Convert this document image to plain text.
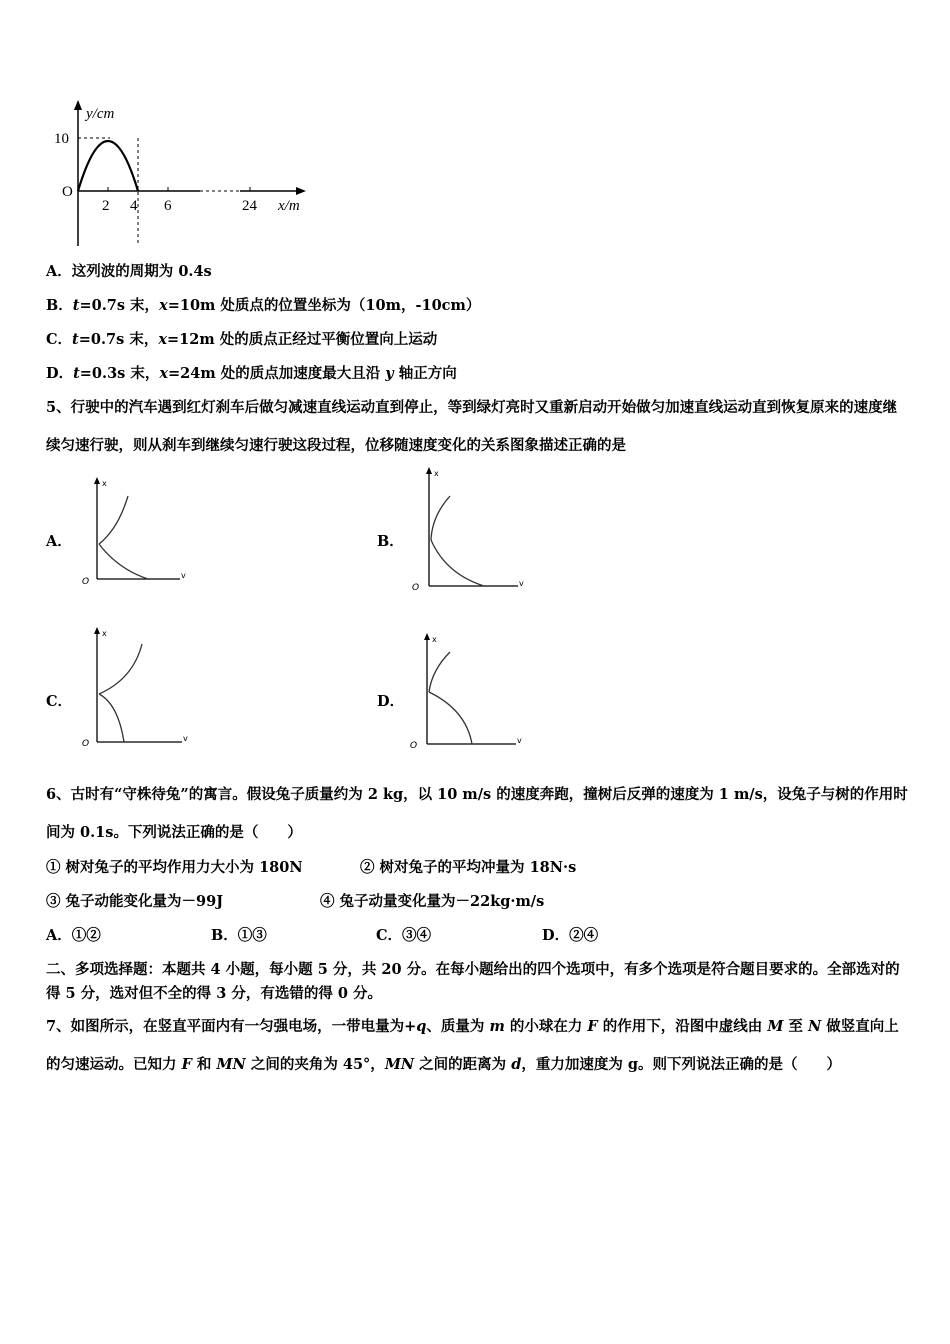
y/cm
10
O
2 4 6	24 x/m
A．这列波的周期为 0.4s
B．t=0.7s 末，x=10m 处质点的位置坐标为（10m，-10cm）
C．t=0.7s 末，x=12m 处的质点正经过平衡位置向上运动
D．t=0.3s 末，x=24m 处的质点加速度最大且沿 y 轴正方向
5、行驶中的汽车遇到红灯刹车后做匀减速直线运动直到停止，等到绿灯亮时又重新启动开始做匀加速直线运动直到恢复原来的速度继续匀速行驶，则从刹车到继续匀速行驶这段过程，位移随速度变化的关系图象描述正确的是
A．	B．
C．	D．
x
O
v
x
O	v
x
O
v
x
O
v
6、古时有“守株待兔”的寓言。假设兔子质量约为 2 kg，以 10 m/s 的速度奔跑，撞树后反弹的速度为 1 m/s，设兔子与树的作用时间为 0.1s。下列说法正确的是（　　）
① 树对兔子的平均作用力大小为 180N	② 树对兔子的平均冲量为 18N·s
③ 兔子动能变化量为－99J	④ 兔子动量变化量为－22kg·m/s
A．①②	B．①③	C．③④	D．②④
二、多项选择题：本题共 4 小题，每小题 5 分，共 20 分。在每小题给出的四个选项中，有多个选项是符合题目要求的。全部选对的得 5 分，选对但不全的得 3 分，有选错的得 0 分。
7、如图所示，在竖直平面内有一匀强电场，一带电量为+q、质量为 m 的小球在力 F 的作用下，沿图中虚线由 M 至 N 做竖直向上的匀速运动。已知力 F 和 MN 之间的夹角为 45°，MN 之间的距离为 d，重力加速度为 g。则下列说法正确的是（　　）
